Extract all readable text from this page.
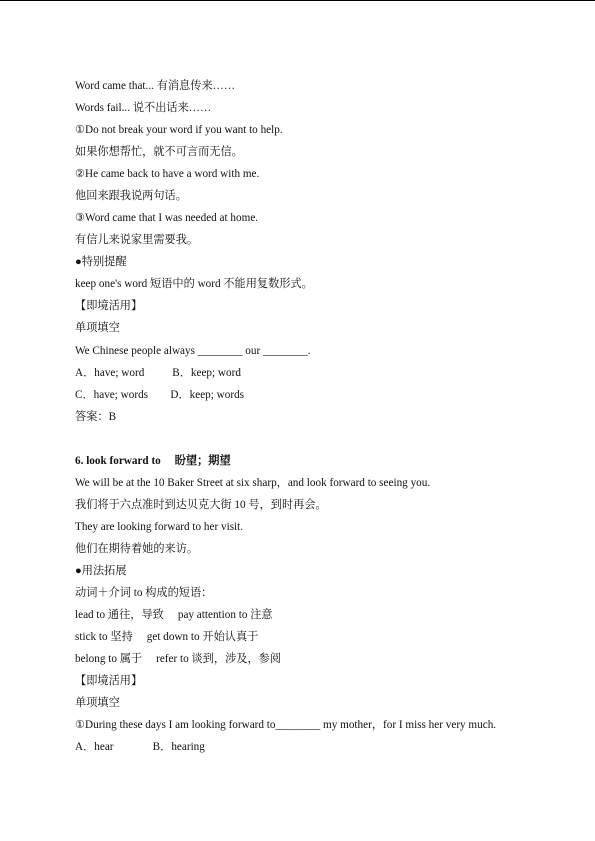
Word came that... 有消息传来……
Words fail... 说不出话来……
①Do not break your word if you want to help.
如果你想帮忙，就不可言而无信。
②He came back to have a word with me.
他回来跟我说两句话。
③Word came that I was needed at home.
有信儿来说家里需要我。
●特别提醒
keep one's word 短语中的 word 不能用复数形式。
【即境活用】
单项填空
We Chinese people always ________ our ________.
A．have; word          B．keep; word
C．have; words        D．keep; words
答案：B
6. look forward to　 盼望；期望
We will be at the 10 Baker Street at six sharp，and look forward to seeing you.
我们将于六点准时到达贝克大街 10 号，到时再会。
They are looking forward to her visit.
他们在期待着她的来访。
●用法拓展
动词＋介词 to 构成的短语：
lead to 通往，导致　 pay attention to 注意
stick to 坚持　 get down to 开始认真于
belong to 属于　 refer to 谈到，涉及，参阅
【即境活用】
单项填空
①During these days I am looking forward to________ my mother，for I miss her very much.
A．hear              B．hearing
